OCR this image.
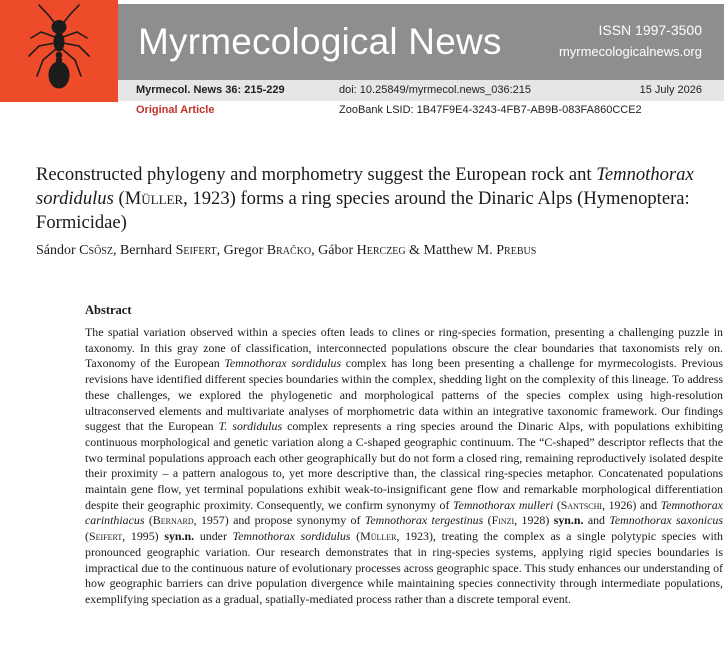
Myrmecological News	ISSN 1997-3500
myrmecologicalnews.org
Myrmecol. News 36: 215-229	doi: 10.25849/myrmecol.news_036:215	15 July 2026
Original Article	ZooBank LSID: 1B47F9E4-3243-4FB7-AB9B-083FA860CCE2
Reconstructed phylogeny and morphometry suggest the European rock ant Temnothorax sordidulus (Müller, 1923) forms a ring species around the Dinaric Alps (Hymenoptera: Formicidae)
Sándor Csősz, Bernhard Seifert, Gregor Bračko, Gábor Herczeg & Matthew M. Prebus
Abstract
The spatial variation observed within a species often leads to clines or ring-species formation, presenting a challenging puzzle in taxonomy. In this gray zone of classification, interconnected populations obscure the clear boundaries that taxonomists rely on. Taxonomy of the European Temnothorax sordidulus complex has long been presenting a challenge for myrmecologists. Previous revisions have identified different species boundaries within the complex, shedding light on the complexity of this lineage. To address these challenges, we explored the phylogenetic and morphological patterns of the species complex using high-resolution ultraconserved elements and multivariate analyses of morphometric data within an integrative taxonomic framework. Our findings suggest that the European T. sordidulus complex represents a ring species around the Dinaric Alps, with populations exhibiting continuous morphological and genetic variation along a C-shaped geographic continuum. The “C-shaped” descriptor reflects that the two terminal populations approach each other geographically but do not form a closed ring, remaining reproductively isolated despite their proximity – a pattern analogous to, yet more descriptive than, the classical ring-species metaphor. Concatenated populations maintain gene flow, yet terminal populations exhibit weak-to-insignificant gene flow and remarkable morphological differentiation despite their geographic proximity. Consequently, we confirm synonymy of Temnothorax mulleri (Santschi, 1926) and Temnothorax carinthiacus (Bernard, 1957) and propose synonymy of Temnothorax tergestinus (Finzi, 1928) syn.n. and Temnothorax saxonicus (Seifert, 1995) syn.n. under Temnothorax sordidulus (Müller, 1923), treating the complex as a single polytypic species with pronounced geographic variation. Our research demonstrates that in ring-species systems, applying rigid species boundaries is impractical due to the continuous nature of evolutionary processes across geographic space. This study enhances our understanding of how geographic barriers can drive population divergence while maintaining species connectivity through intermediate populations, exemplifying speciation as a gradual, spatially-mediated process rather than a discrete temporal event.
